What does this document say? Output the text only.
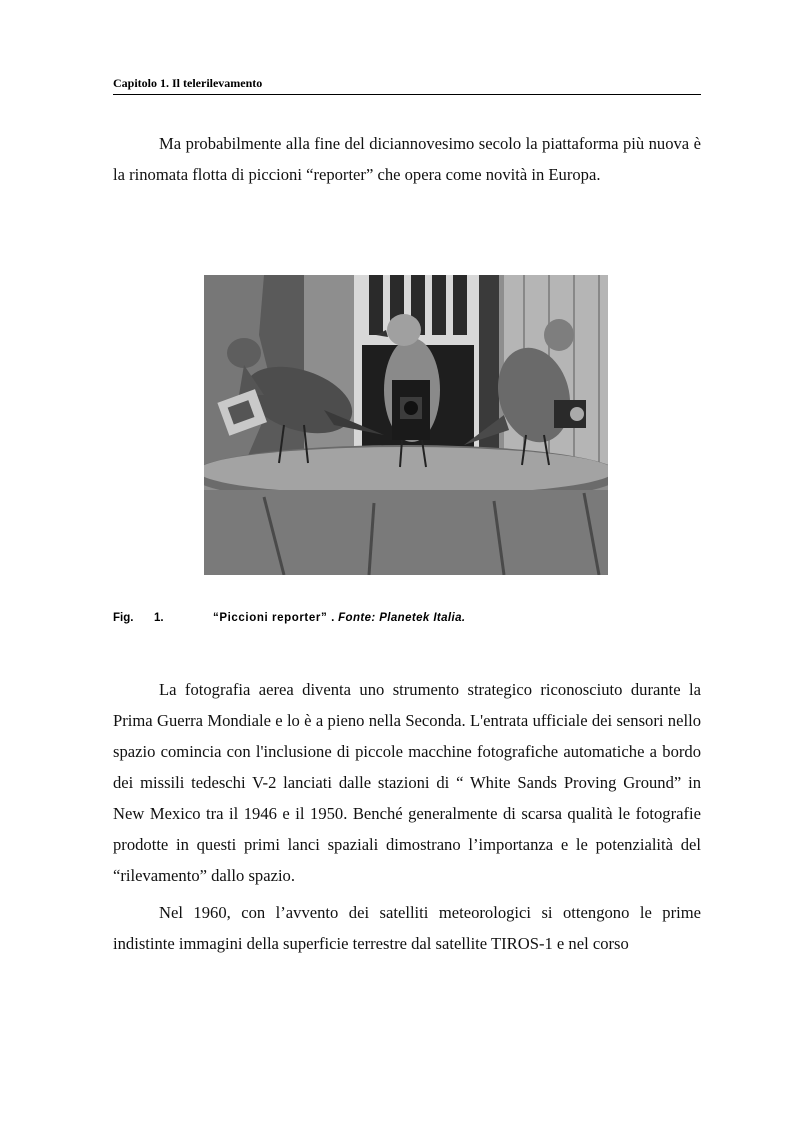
Capitolo 1. Il telerilevamento

Ma probabilmente alla fine del diciannovesimo secolo la piattaforma più nuova è la rinomata flotta di piccioni “reporter” che opera come novità in Europa.

Fig. 1.	“Piccioni reporter” . Fonte: Planetek Italia.

La fotografia aerea diventa uno strumento strategico riconosciuto durante la Prima Guerra Mondiale e lo è a pieno nella Seconda. L'entrata ufficiale dei sensori nello spazio comincia con l'inclusione di piccole macchine fotografiche automatiche a bordo dei missili tedeschi V-2 lanciati dalle stazioni di “ White Sands Proving Ground” in New Mexico tra il 1946 e il 1950. Benché generalmente di scarsa qualità le fotografie prodotte in questi primi lanci spaziali dimostrano l’importanza e le potenzialità del “rilevamento” dallo spazio.

Nel 1960, con l’avvento dei satelliti meteorologici si ottengono le prime indistinte immagini della superficie terrestre dal satellite TIROS-1 e nel corso
